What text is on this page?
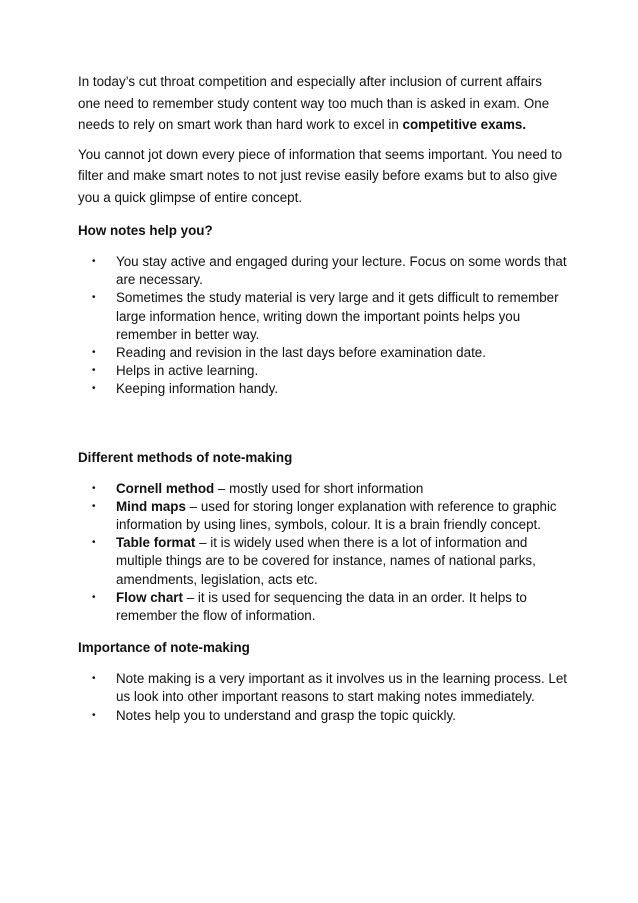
In today’s cut throat competition and especially after inclusion of current affairs one need to remember study content way too much than is asked in exam. One needs to rely on smart work than hard work to excel in competitive exams.

You cannot jot down every piece of information that seems important. You need to filter and make smart notes to not just revise easily before exams but to also give you a quick glimpse of entire concept.

How notes help you?

• You stay active and engaged during your lecture. Focus on some words that are necessary.
• Sometimes the study material is very large and it gets difficult to remember large information hence, writing down the important points helps you remember in better way.
• Reading and revision in the last days before examination date.
• Helps in active learning.
• Keeping information handy.

Different methods of note-making

• Cornell method – mostly used for short information
• Mind maps – used for storing longer explanation with reference to graphic information by using lines, symbols, colour. It is a brain friendly concept.
• Table format – it is widely used when there is a lot of information and multiple things are to be covered for instance, names of national parks, amendments, legislation, acts etc.
• Flow chart – it is used for sequencing the data in an order. It helps to remember the flow of information.

Importance of note-making

• Note making is a very important as it involves us in the learning process. Let us look into other important reasons to start making notes immediately.
• Notes help you to understand and grasp the topic quickly.
